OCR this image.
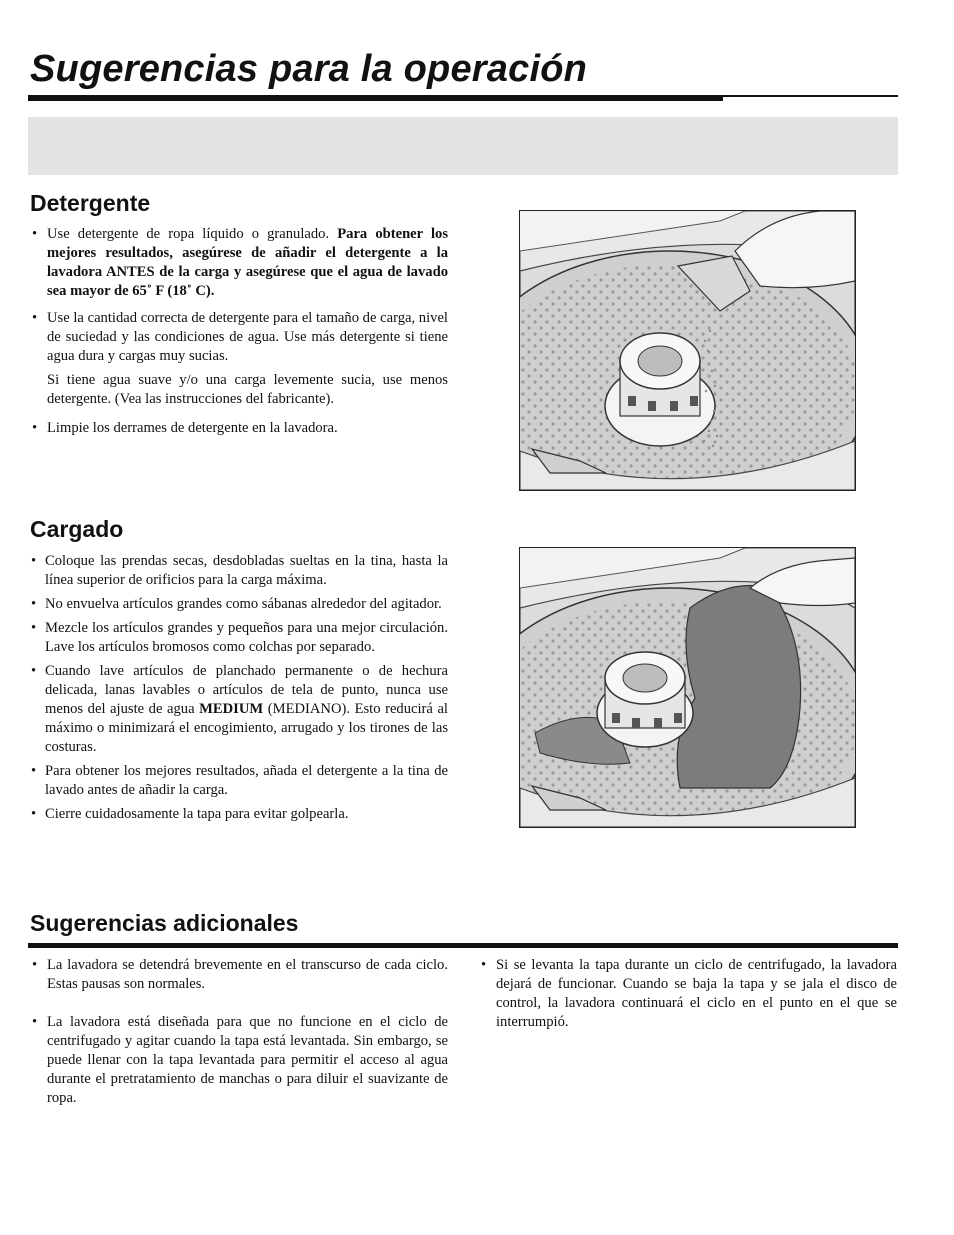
Sugerencias para la operación
Detergente

• Use detergente de ropa líquido o granulado. Para obtener los mejores resultados, asegúrese de añadir el detergente a la lavadora ANTES de la carga y asegúrese que el agua de lavado sea mayor de 65˚ F (18˚ C).

• Use la cantidad correcta de detergente para el tamaño de carga, nivel de suciedad y las condiciones de agua. Use más detergente si tiene agua dura y cargas muy sucias.

Si tiene agua suave y/o una carga levemente sucia, use menos detergente. (Vea las instrucciones del fabricante).

• Limpie los derrames de detergente en la lavadora.

Cargado

• Coloque las prendas secas, desdobladas sueltas en la tina, hasta la línea superior de orificios para la carga máxima.

• No envuelva artículos grandes como sábanas alrededor del agitador.

• Mezcle los artículos grandes y pequeños para una mejor circulación. Lave los artículos bromosos como colchas por separado.

• Cuando lave artículos de planchado permanente o de hechura delicada, lanas lavables o artículos de tela de punto, nunca use menos del ajuste de agua MEDIUM (MEDIANO). Esto reducirá al máximo o minimizará el encogimiento, arrugado y los tirones de las costuras.

• Para obtener los mejores resultados, añada el detergente a la tina de lavado antes de añadir la carga.

• Cierre cuidadosamente la tapa para evitar golpearla.

Sugerencias adicionales

• La lavadora se detendrá brevemente en el transcurso de cada ciclo. Estas pausas son normales.

• La lavadora está diseñada para que no funcione en el ciclo de centrifugado y agitar cuando la tapa está levantada. Sin embargo, se puede llenar con la tapa levantada para permitir el acceso al agua durante el pretratamiento de manchas o para diluir el suavizante de ropa.

• Si se levanta la tapa durante un ciclo de centrifugado, la lavadora dejará de funcionar. Cuando se baja la tapa y se jala el disco de control, la lavadora continuará el ciclo en el punto en el que se interrumpió.
